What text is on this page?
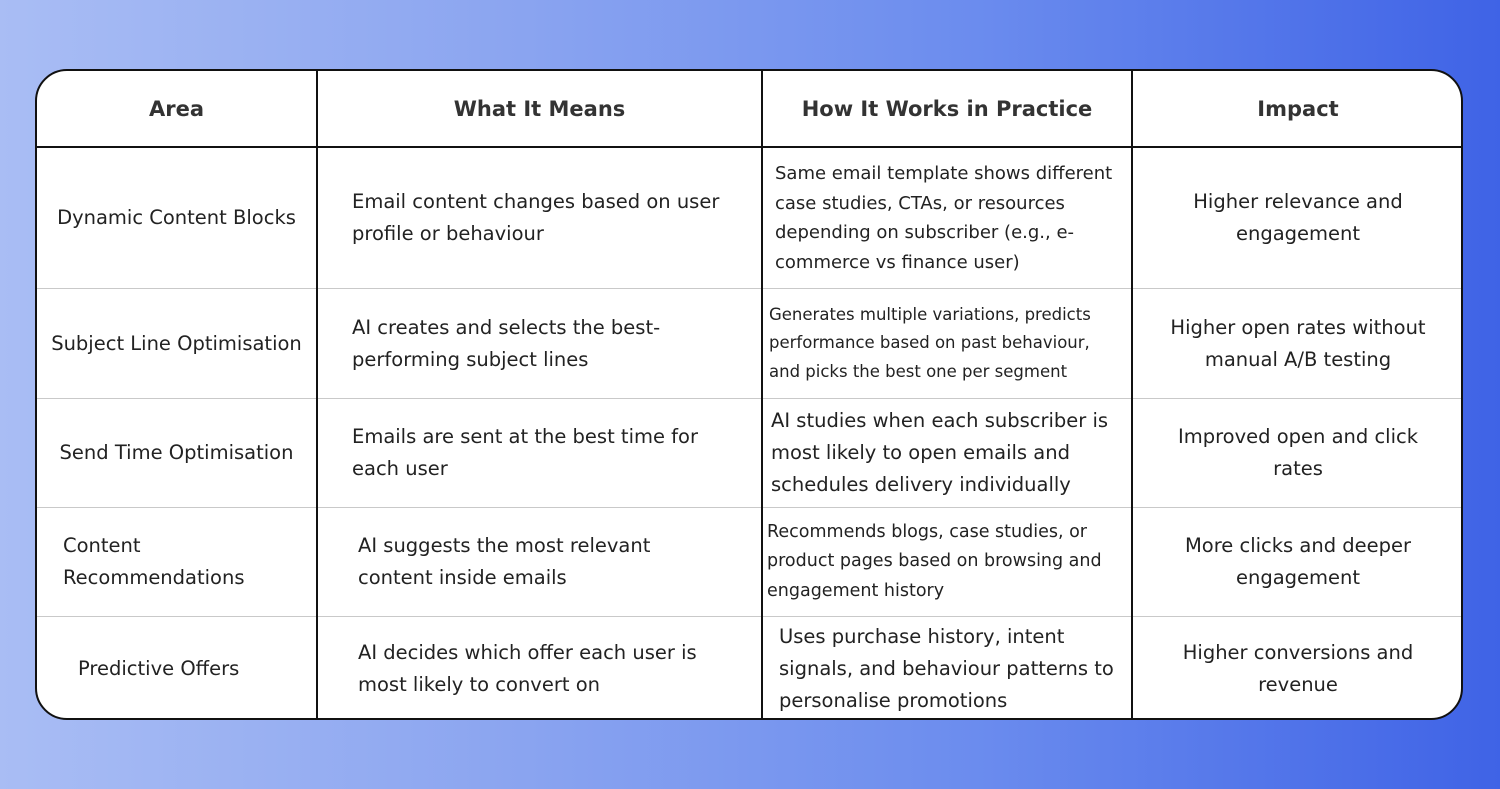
Area	What It Means	How It Works in Practice	Impact
Dynamic Content Blocks	Email content changes based on user profile or behaviour	Same email template shows different case studies, CTAs, or resources depending on subscriber (e.g., e-commerce vs finance user)	Higher relevance and engagement
Subject Line Optimisation	AI creates and selects the best-performing subject lines	Generates multiple variations, predicts performance based on past behaviour, and picks the best one per segment	Higher open rates without manual A/B testing
Send Time Optimisation	Emails are sent at the best time for each user	AI studies when each subscriber is most likely to open emails and schedules delivery individually	Improved open and click rates
Content Recommendations	AI suggests the most relevant content inside emails	Recommends blogs, case studies, or product pages based on browsing and engagement history	More clicks and deeper engagement
Predictive Offers	AI decides which offer each user is most likely to convert on	Uses purchase history, intent signals, and behaviour patterns to personalise promotions	Higher conversions and revenue
